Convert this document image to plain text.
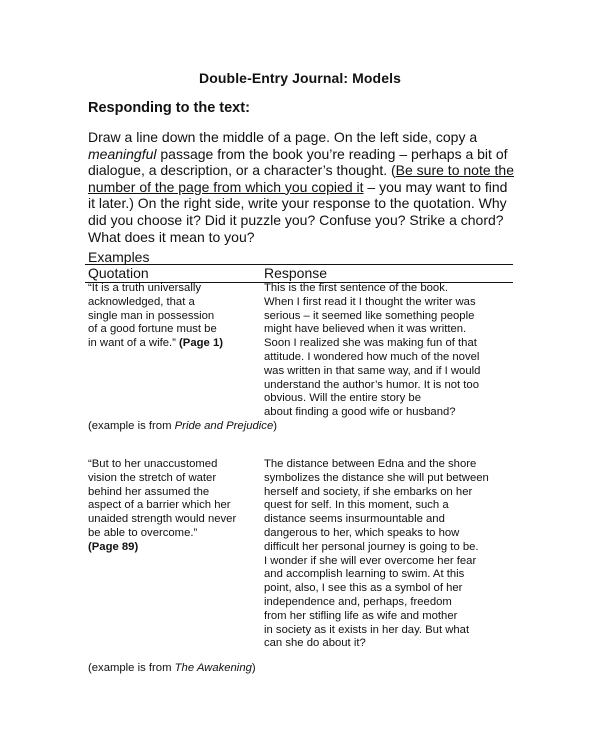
Double-Entry Journal: Models
Responding to the text:
Draw a line down the middle of a page. On the left side, copy a meaningful passage from the book you’re reading – perhaps a bit of dialogue, a description, or a character’s thought. (Be sure to note the number of the page from which you copied it – you may want to find it later.) On the right side, write your response to the quotation. Why did you choose it? Did it puzzle you? Confuse you? Strike a chord? What does it mean to you?
Examples
Quotation	Response
“It is a truth universally
acknowledged, that a
single man in possession
of a good fortune must be
in want of a wife.” (Page 1)
This is the first sentence of the book.
When I first read it I thought the writer was
serious – it seemed like something people
might have believed when it was written.
Soon I realized she was making fun of that
attitude. I wondered how much of the novel
was written in that same way, and if I would
understand the author’s humor. It is not too
obvious. Will the entire story be
about finding a good wife or husband?
(example is from Pride and Prejudice)
“But to her unaccustomed
vision the stretch of water
behind her assumed the
aspect of a barrier which her
unaided strength would never
be able to overcome.”
(Page 89)
The distance between Edna and the shore
symbolizes the distance she will put between
herself and society, if she embarks on her
quest for self. In this moment, such a
distance seems insurmountable and
dangerous to her, which speaks to how
difficult her personal journey is going to be.
I wonder if she will ever overcome her fear
and accomplish learning to swim. At this
point, also, I see this as a symbol of her
independence and, perhaps, freedom
from her stifling life as wife and mother
in society as it exists in her day. But what
can she do about it?
(example is from The Awakening)
